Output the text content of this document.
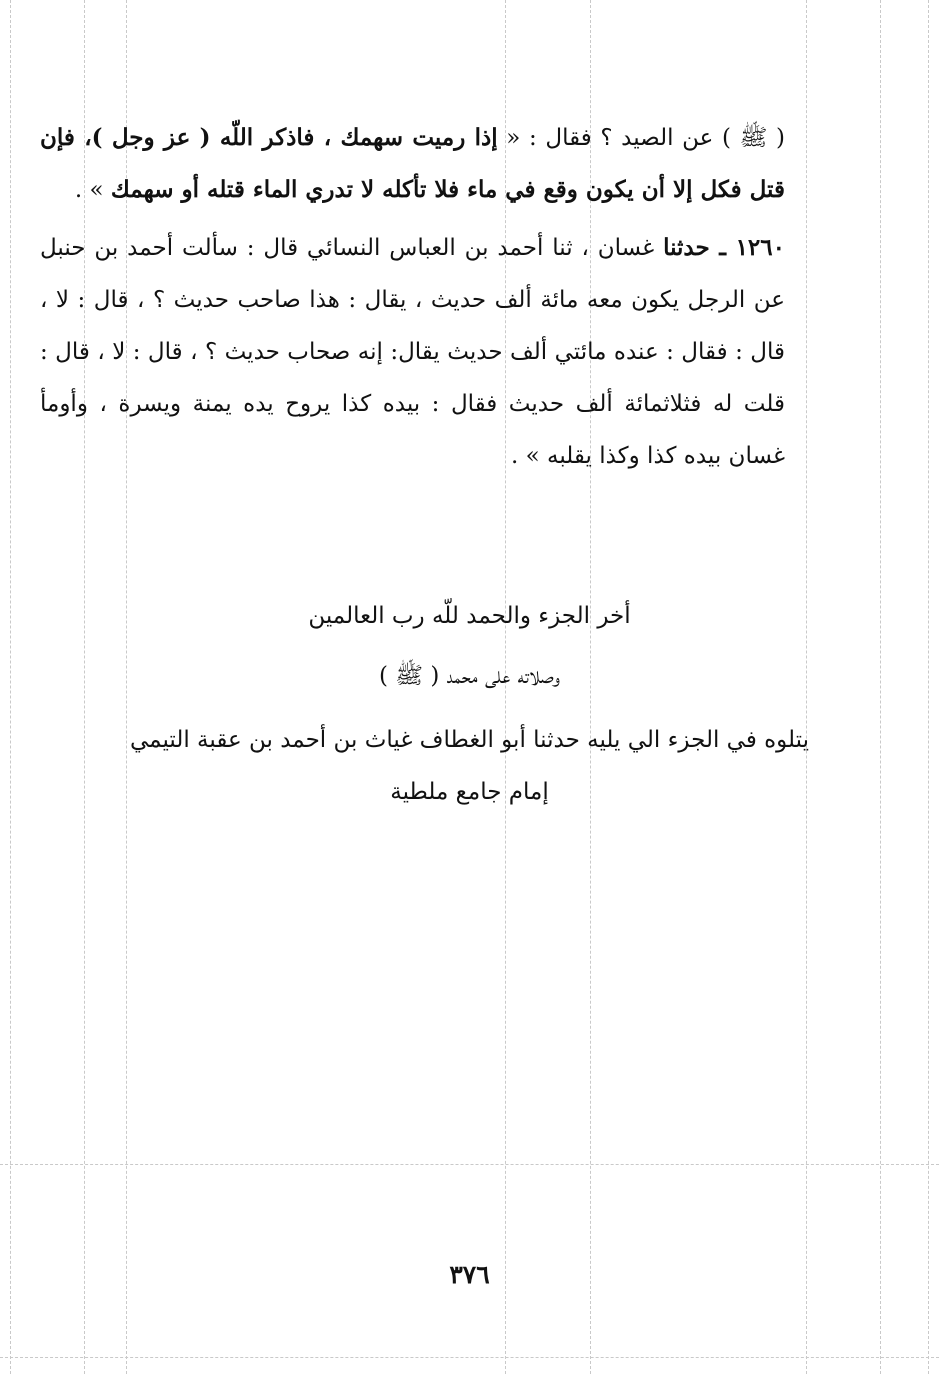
( ﷺ ) عن الصيد ؟ فقال : « إذا رميت سهمك ، فاذكر اللّه ( عز وجل )، فإن قتل فكل إلا أن يكون وقع في ماء فلا تأكله لا تدري الماء قتله أو سهمك » .

١٢٦٠ ـ حدثنا غسان ، ثنا أحمد بن العباس النسائي قال : سألت أحمد بن حنبل عن الرجل يكون معه مائة ألف حديث ، يقال : هذا صاحب حديث ؟ ، قال : لا ، قال : فقال : عنده مائتي ألف حديث يقال: إنه صحاب حديث ؟ ، قال : لا ، قال : قلت له فثلاثمائة ألف حديث فقال : بيده كذا يروح يده يمنة ويسرة ، وأومأ غسان بيده كذا وكذا يقلبه » .

أخر الجزء والحمد للّه رب العالمين
وصلاته على محمد ( ﷺ )
يتلوه في الجزء الي يليه حدثنا أبو الغطاف غياث بن أحمد بن عقبة التيمي
إمام جامع ملطية
٣٧٦
